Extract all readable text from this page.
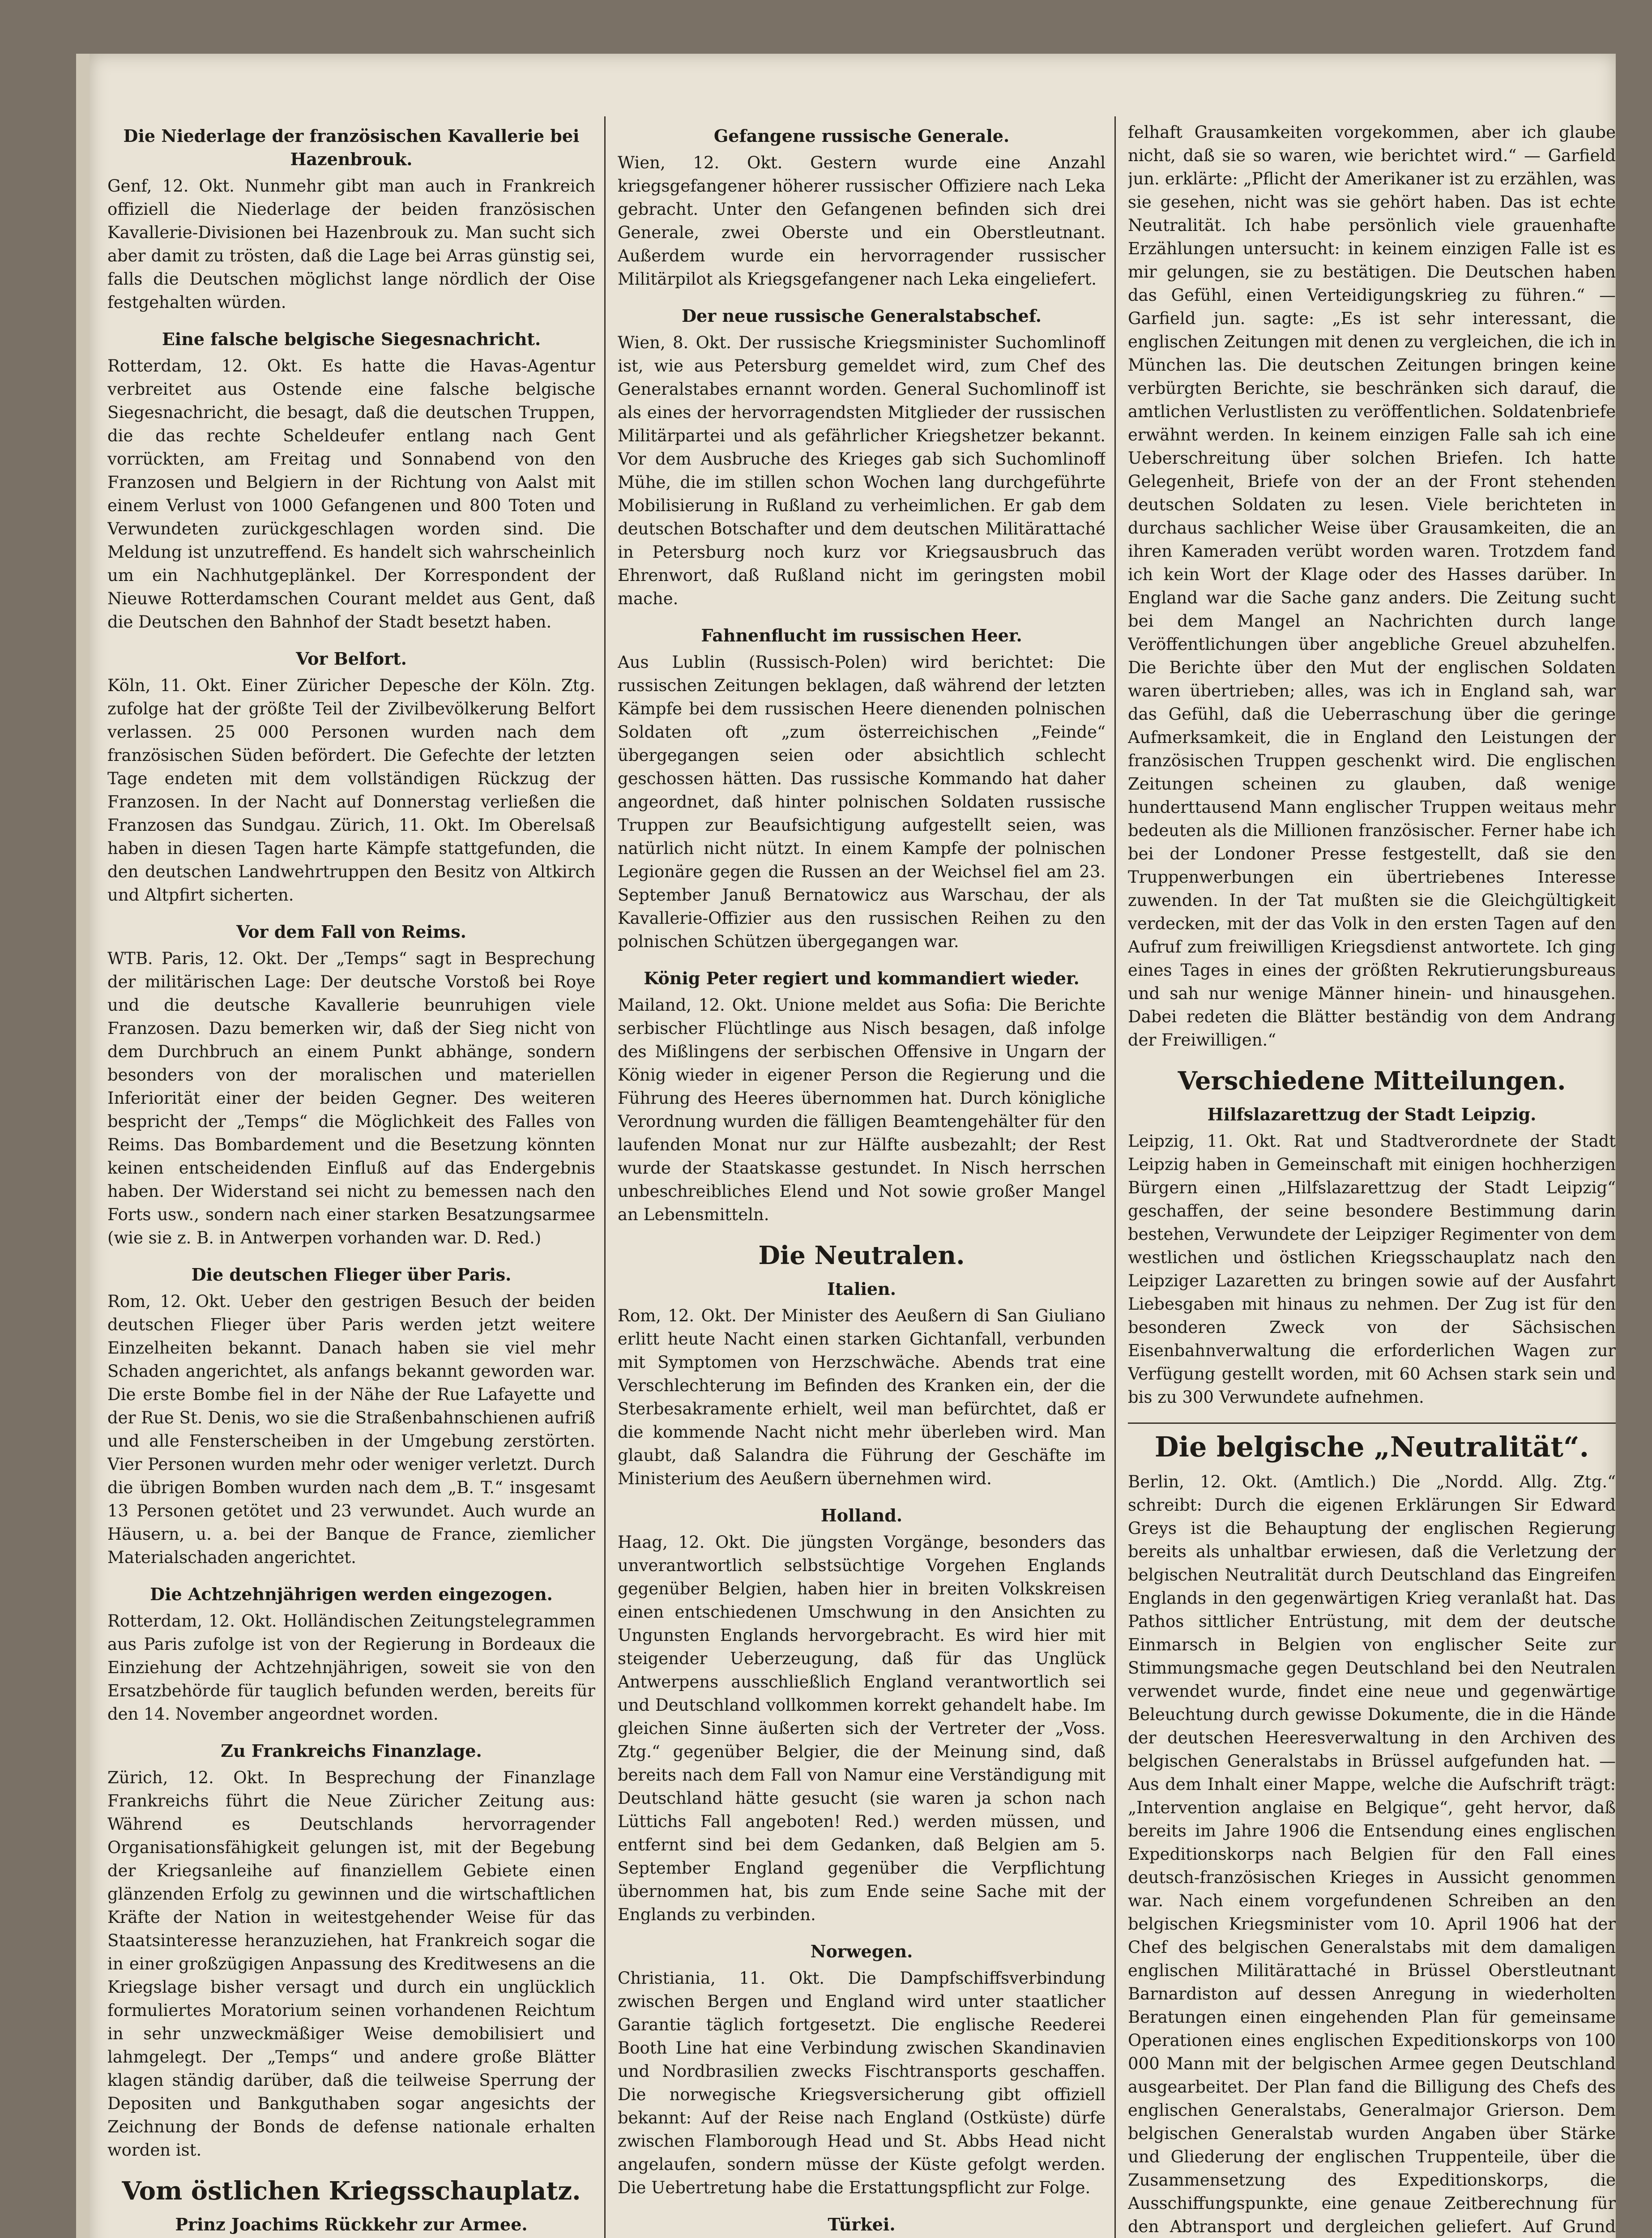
Die Niederlage der französischen Kavallerie bei Hazenbrouk.

Genf, 12. Okt. Nunmehr gibt man auch in Frankreich offiziell die Niederlage der beiden französischen Kavallerie-Divisionen bei Hazenbrouk zu. Man sucht sich aber damit zu trösten, daß die Lage bei Arras günstig sei, falls die Deutschen möglichst lange nördlich der Oise festgehalten würden.

Eine falsche belgische Siegesnachricht.

Rotterdam, 12. Okt. Es hatte die Havas-Agentur verbreitet aus Ostende eine falsche belgische Siegesnachricht, die besagt, daß die deutschen Truppen, die das rechte Scheldeufer entlang nach Gent vorrückten, am Freitag und Sonnabend von den Franzosen und Belgiern in der Richtung von Aalst mit einem Verlust von 1000 Gefangenen und 800 Toten und Verwundeten zurückgeschlagen worden sind. Die Meldung ist unzutreffend. Es handelt sich wahrscheinlich um ein Nachhutgeplänkel. Der Korrespondent der Nieuwe Rotterdamschen Courant meldet aus Gent, daß die Deutschen den Bahnhof der Stadt besetzt haben.

Vor Belfort.

Köln, 11. Okt. Einer Züricher Depesche der Köln. Ztg. zufolge hat der größte Teil der Zivilbevölkerung Belfort verlassen. 25 000 Personen wurden nach dem französischen Süden befördert. Die Gefechte der letzten Tage endeten mit dem vollständigen Rückzug der Franzosen. In der Nacht auf Donnerstag verließen die Franzosen das Sundgau. Zürich, 11. Okt. Im Oberelsaß haben in diesen Tagen harte Kämpfe stattgefunden, die den deutschen Landwehrtruppen den Besitz von Altkirch und Altpfirt sicherten.

Vor dem Fall von Reims.

WTB. Paris, 12. Okt. Der „Temps“ sagt in Besprechung der militärischen Lage: Der deutsche Vorstoß bei Roye und die deutsche Kavallerie beunruhigen viele Franzosen. Dazu bemerken wir, daß der Sieg nicht von dem Durchbruch an einem Punkt abhänge, sondern besonders von der moralischen und materiellen Inferiorität einer der beiden Gegner. Des weiteren bespricht der „Temps“ die Möglichkeit des Falles von Reims. Das Bombardement und die Besetzung könnten keinen entscheidenden Einfluß auf das Endergebnis haben. Der Widerstand sei nicht zu bemessen nach den Forts usw., sondern nach einer starken Besatzungsarmee (wie sie z. B. in Antwerpen vorhanden war. D. Red.)

Die deutschen Flieger über Paris.

Rom, 12. Okt. Ueber den gestrigen Besuch der beiden deutschen Flieger über Paris werden jetzt weitere Einzelheiten bekannt. Danach haben sie viel mehr Schaden angerichtet, als anfangs bekannt geworden war. Die erste Bombe fiel in der Nähe der Rue Lafayette und der Rue St. Denis, wo sie die Straßenbahnschienen aufriß und alle Fensterscheiben in der Umgebung zerstörten. Vier Personen wurden mehr oder weniger verletzt. Durch die übrigen Bomben wurden nach dem „B. T.“ insgesamt 13 Personen getötet und 23 verwundet. Auch wurde an Häusern, u. a. bei der Banque de France, ziemlicher Materialschaden angerichtet.

Die Achtzehnjährigen werden eingezogen.

Rotterdam, 12. Okt. Holländischen Zeitungstelegrammen aus Paris zufolge ist von der Regierung in Bordeaux die Einziehung der Achtzehnjährigen, soweit sie von den Ersatzbehörde für tauglich befunden werden, bereits für den 14. November angeordnet worden.

Zu Frankreichs Finanzlage.

Zürich, 12. Okt. In Besprechung der Finanzlage Frankreichs führt die Neue Züricher Zeitung aus: Während es Deutschlands hervorragender Organisationsfähigkeit gelungen ist, mit der Begebung der Kriegsanleihe auf finanziellem Gebiete einen glänzenden Erfolg zu gewinnen und die wirtschaftlichen Kräfte der Nation in weitestgehender Weise für das Staatsinteresse heranzuziehen, hat Frankreich sogar die in einer großzügigen Anpassung des Kreditwesens an die Kriegslage bisher versagt und durch ein unglücklich formuliertes Moratorium seinen vorhandenen Reichtum in sehr unzweckmäßiger Weise demobilisiert und lahmgelegt. Der „Temps“ und andere große Blätter klagen ständig darüber, daß die teilweise Sperrung der Depositen und Bankguthaben sogar angesichts der Zeichnung der Bonds de defense nationale erhalten worden ist.

Vom östlichen Kriegsschauplatz.
Prinz Joachims Rückkehr zur Armee.

Gefangene russische Generale.

Wien, 12. Okt. Gestern wurde eine Anzahl kriegsgefangener höherer russischer Offiziere nach Leka gebracht. Unter den Gefangenen befinden sich drei Generale, zwei Oberste und ein Oberstleutnant. Außerdem wurde ein hervorragender russischer Militärpilot als Kriegsgefangener nach Leka eingeliefert.

Der neue russische Generalstabschef.

Wien, 8. Okt. Der russische Kriegsminister Suchomlinoff ist, wie aus Petersburg gemeldet wird, zum Chef des Generalstabes ernannt worden. General Suchomlinoff ist als eines der hervorragendsten Mitglieder der russischen Militärpartei und als gefährlicher Kriegshetzer bekannt. Vor dem Ausbruche des Krieges gab sich Suchomlinoff Mühe, die im stillen schon Wochen lang durchgeführte Mobilisierung in Rußland zu verheimlichen. Er gab dem deutschen Botschafter und dem deutschen Militärattaché in Petersburg noch kurz vor Kriegsausbruch das Ehrenwort, daß Rußland nicht im geringsten mobil mache.

Fahnenflucht im russischen Heer.

Aus Lublin (Russisch-Polen) wird berichtet: Die russischen Zeitungen beklagen, daß während der letzten Kämpfe bei dem russischen Heere dienenden polnischen Soldaten oft „zum österreichischen „Feinde“ übergegangen seien oder absichtlich schlecht geschossen hätten. Das russische Kommando hat daher angeordnet, daß hinter polnischen Soldaten russische Truppen zur Beaufsichtigung aufgestellt seien, was natürlich nicht nützt. In einem Kampfe der polnischen Legionäre gegen die Russen an der Weichsel fiel am 23. September Januß Bernatowicz aus Warschau, der als Kavallerie-Offizier aus den russischen Reihen zu den polnischen Schützen übergegangen war.

König Peter regiert und kommandiert wieder.

Mailand, 12. Okt. Unione meldet aus Sofia: Die Berichte serbischer Flüchtlinge aus Nisch besagen, daß infolge des Mißlingens der serbischen Offensive in Ungarn der König wieder in eigener Person die Regierung und die Führung des Heeres übernommen hat. Durch königliche Verordnung wurden die fälligen Beamtengehälter für den laufenden Monat nur zur Hälfte ausbezahlt; der Rest wurde der Staatskasse gestundet. In Nisch herrschen unbeschreibliches Elend und Not sowie großer Mangel an Lebensmitteln.

Die Neutralen.
Italien.

Rom, 12. Okt. Der Minister des Aeußern di San Giuliano erlitt heute Nacht einen starken Gichtanfall, verbunden mit Symptomen von Herzschwäche. Abends trat eine Verschlechterung im Befinden des Kranken ein, der die Sterbesakramente erhielt, weil man befürchtet, daß er die kommende Nacht nicht mehr überleben wird. Man glaubt, daß Salandra die Führung der Geschäfte im Ministerium des Aeußern übernehmen wird.

Holland.

Haag, 12. Okt. Die jüngsten Vorgänge, besonders das unverantwortlich selbstsüchtige Vorgehen Englands gegenüber Belgien, haben hier in breiten Volkskreisen einen entschiedenen Umschwung in den Ansichten zu Ungunsten Englands hervorgebracht. Es wird hier mit steigender Ueberzeugung, daß für das Unglück Antwerpens ausschließlich England verantwortlich sei und Deutschland vollkommen korrekt gehandelt habe. Im gleichen Sinne äußerten sich der Vertreter der „Voss. Ztg.“ gegenüber Belgier, die der Meinung sind, daß bereits nach dem Fall von Namur eine Verständigung mit Deutschland hätte gesucht (sie waren ja schon nach Lüttichs Fall angeboten! Red.) werden müssen, und entfernt sind bei dem Gedanken, daß Belgien am 5. September England gegenüber die Verpflichtung übernommen hat, bis zum Ende seine Sache mit der Englands zu verbinden.

Norwegen.

Christiania, 11. Okt. Die Dampfschiffsverbindung zwischen Bergen und England wird unter staatlicher Garantie täglich fortgesetzt. Die englische Reederei Booth Line hat eine Verbindung zwischen Skandinavien und Nordbrasilien zwecks Fischtransports geschaffen. Die norwegische Kriegsversicherung gibt offiziell bekannt: Auf der Reise nach England (Ostküste) dürfe zwischen Flamborough Head und St. Abbs Head nicht angelaufen, sondern müsse der Küste gefolgt werden. Die Uebertretung habe die Erstattungspflicht zur Folge.

Türkei.

felhaft Grausamkeiten vorgekommen, aber ich glaube nicht, daß sie so waren, wie berichtet wird.“ — Garfield jun. erklärte: „Pflicht der Amerikaner ist zu erzählen, was sie gesehen, nicht was sie gehört haben. Das ist echte Neutralität. Ich habe persönlich viele grauenhafte Erzählungen untersucht: in keinem einzigen Falle ist es mir gelungen, sie zu bestätigen. Die Deutschen haben das Gefühl, einen Verteidigungskrieg zu führen.“ — Garfield jun. sagte: „Es ist sehr interessant, die englischen Zeitungen mit denen zu vergleichen, die ich in München las. Die deutschen Zeitungen bringen keine verbürgten Berichte, sie beschränken sich darauf, die amtlichen Verlustlisten zu veröffentlichen. Soldatenbriefe erwähnt werden. In keinem einzigen Falle sah ich eine Ueberschreitung über solchen Briefen. Ich hatte Gelegenheit, Briefe von der an der Front stehenden deutschen Soldaten zu lesen. Viele berichteten in durchaus sachlicher Weise über Grausamkeiten, die an ihren Kameraden verübt worden waren. Trotzdem fand ich kein Wort der Klage oder des Hasses darüber. In England war die Sache ganz anders. Die Zeitung sucht bei dem Mangel an Nachrichten durch lange Veröffentlichungen über angebliche Greuel abzuhelfen. Die Berichte über den Mut der englischen Soldaten waren übertrieben; alles, was ich in England sah, war das Gefühl, daß die Ueberraschung über die geringe Aufmerksamkeit, die in England den Leistungen der französischen Truppen geschenkt wird. Die englischen Zeitungen scheinen zu glauben, daß wenige hunderttausend Mann englischer Truppen weitaus mehr bedeuten als die Millionen französischer. Ferner habe ich bei der Londoner Presse festgestellt, daß sie den Truppenwerbungen ein übertriebenes Interesse zuwenden. In der Tat mußten sie die Gleichgültigkeit verdecken, mit der das Volk in den ersten Tagen auf den Aufruf zum freiwilligen Kriegsdienst antwortete. Ich ging eines Tages in eines der größten Rekrutierungsbureaus und sah nur wenige Männer hinein- und hinausgehen. Dabei redeten die Blätter beständig von dem Andrang der Freiwilligen.“

Verschiedene Mitteilungen.
Hilfslazarettzug der Stadt Leipzig.

Leipzig, 11. Okt. Rat und Stadtverordnete der Stadt Leipzig haben in Gemeinschaft mit einigen hochherzigen Bürgern einen „Hilfslazarettzug der Stadt Leipzig“ geschaffen, der seine besondere Bestimmung darin bestehen, Verwundete der Leipziger Regimenter von dem westlichen und östlichen Kriegsschauplatz nach den Leipziger Lazaretten zu bringen sowie auf der Ausfahrt Liebesgaben mit hinaus zu nehmen. Der Zug ist für den besonderen Zweck von der Sächsischen Eisenbahnverwaltung die erforderlichen Wagen zur Verfügung gestellt worden, mit 60 Achsen stark sein und bis zu 300 Verwundete aufnehmen.

Die belgische „Neutralität“.

Berlin, 12. Okt. (Amtlich.) Die „Nordd. Allg. Ztg.“ schreibt: Durch die eigenen Erklärungen Sir Edward Greys ist die Behauptung der englischen Regierung bereits als unhaltbar erwiesen, daß die Verletzung der belgischen Neutralität durch Deutschland das Eingreifen Englands in den gegenwärtigen Krieg veranlaßt hat. Das Pathos sittlicher Entrüstung, mit dem der deutsche Einmarsch in Belgien von englischer Seite zur Stimmungsmache gegen Deutschland bei den Neutralen verwendet wurde, findet eine neue und gegenwärtige Beleuchtung durch gewisse Dokumente, die in die Hände der deutschen Heeresverwaltung in den Archiven des belgischen Generalstabs in Brüssel aufgefunden hat. — Aus dem Inhalt einer Mappe, welche die Aufschrift trägt: „Intervention anglaise en Belgique“, geht hervor, daß bereits im Jahre 1906 die Entsendung eines englischen Expeditionskorps nach Belgien für den Fall eines deutsch-französischen Krieges in Aussicht genommen war. Nach einem vorgefundenen Schreiben an den belgischen Kriegsminister vom 10. April 1906 hat der Chef des belgischen Generalstabs mit dem damaligen englischen Militärattaché in Brüssel Oberstleutnant Barnardiston auf dessen Anregung in wiederholten Beratungen einen eingehenden Plan für gemeinsame Operationen eines englischen Expeditionskorps von 100 000 Mann mit der belgischen Armee gegen Deutschland ausgearbeitet. Der Plan fand die Billigung des Chefs des englischen Generalstabs, Generalmajor Grierson. Dem belgischen Generalstab wurden Angaben über Stärke und Gliederung der englischen Truppenteile, über die Zusammensetzung des Expeditionskorps, die Ausschiffungspunkte, eine genaue Zeitberechnung für den Abtransport und dergleichen geliefert. Auf Grund
